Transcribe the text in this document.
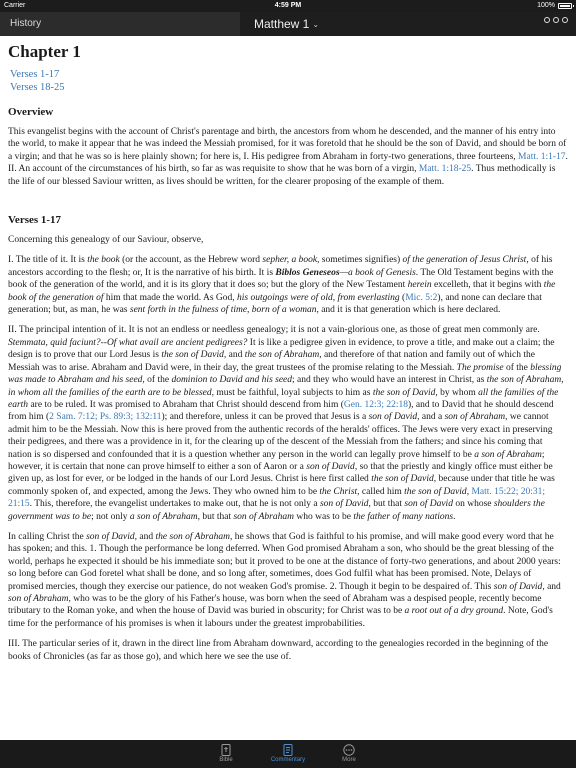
Carrier	4:59 PM	100%
History	Matthew 1 ⌄
Chapter 1
Verses 1-17
Verses 18-25
Overview

This evangelist begins with the account of Christ's parentage and birth, the ancestors from whom he descended, and the manner of his entry into the world, to make it appear that he was indeed the Messiah promised, for it was foretold that he should be the son of David, and should be born of a virgin; and that he was so is here plainly shown; for here is, I. His pedigree from Abraham in forty-two generations, three fourteens, Matt. 1:1-17. II. An account of the circumstances of his birth, so far as was requisite to show that he was born of a virgin, Matt. 1:18-25. Thus methodically is the life of our blessed Saviour written, as lives should be written, for the clearer proposing of the example of them.

Verses 1-17

Concerning this genealogy of our Saviour, observe,

I. The title of it. It is the book (or the account, as the Hebrew word sepher, a book, sometimes signifies) of the generation of Jesus Christ, of his ancestors according to the flesh; or, It is the narrative of his birth. It is Biblos Geneseos—a book of Genesis. The Old Testament begins with the book of the generation of the world, and it is its glory that it does so; but the glory of the New Testament herein excelleth, that it begins with the book of the generation of him that made the world. As God, his outgoings were of old, from everlasting (Mic. 5:2), and none can declare that generation; but, as man, he was sent forth in the fulness of time, born of a woman, and it is that generation which is here declared.

II. The principal intention of it. It is not an endless or needless genealogy; it is not a vain-glorious one, as those of great men commonly are. Stemmata, quid faciunt?--Of what avail are ancient pedigrees? It is like a pedigree given in evidence, to prove a title, and make out a claim; the design is to prove that our Lord Jesus is the son of David, and the son of Abraham, and therefore of that nation and family out of which the Messiah was to arise. Abraham and David were, in their day, the great trustees of the promise relating to the Messiah. The promise of the blessing was made to Abraham and his seed, of the dominion to David and his seed; and they who would have an interest in Christ, as the son of Abraham, in whom all the families of the earth are to be blessed, must be faithful, loyal subjects to him as the son of David, by whom all the families of the earth are to be ruled. It was promised to Abraham that Christ should descend from him (Gen. 12:3; 22:18), and to David that he should descend from him (2 Sam. 7:12; Ps. 89:3; 132:11); and therefore, unless it can be proved that Jesus is a son of David, and a son of Abraham, we cannot admit him to be the Messiah. Now this is here proved from the authentic records of the heralds' offices. The Jews were very exact in preserving their pedigrees, and there was a providence in it, for the clearing up of the descent of the Messiah from the fathers; and since his coming that nation is so dispersed and confounded that it is a question whether any person in the world can legally prove himself to be a son of Abraham; however, it is certain that none can prove himself to either a son of Aaron or a son of David, so that the priestly and kingly office must either be given up, as lost for ever, or be lodged in the hands of our Lord Jesus. Christ is here first called the son of David, because under that title he was commonly spoken of, and expected, among the Jews. They who owned him to be the Christ, called him the son of David, Matt. 15:22; 20:31; 21:15. This, therefore, the evangelist undertakes to make out, that he is not only a son of David, but that son of David on whose shoulders the government was to be; not only a son of Abraham, but that son of Abraham who was to be the father of many nations.

In calling Christ the son of David, and the son of Abraham, he shows that God is faithful to his promise, and will make good every word that he has spoken; and this. 1. Though the performance be long deferred. When God promised Abraham a son, who should be the great blessing of the world, perhaps he expected it should be his immediate son; but it proved to be one at the distance of forty-two generations, and about 2000 years: so long before can God foretel what shall be done, and so long after, sometimes, does God fulfil what has been promised. Note, Delays of promised mercies, though they exercise our patience, do not weaken God's promise. 2. Though it begin to be despaired of. This son of David, and son of Abraham, who was to be the glory of his Father's house, was born when the seed of Abraham was a despised people, recently become tributary to the Roman yoke, and when the house of David was buried in obscurity; for Christ was to be a root out of a dry ground. Note, God's time for the performance of his promises is when it labours under the greatest improbabilities.

III. The particular series of it, drawn in the direct line from Abraham downward, according to the genealogies recorded in the beginning of the books of Chronicles (as far as those go), and which here we see the use of.

Bible	Commentary	More
